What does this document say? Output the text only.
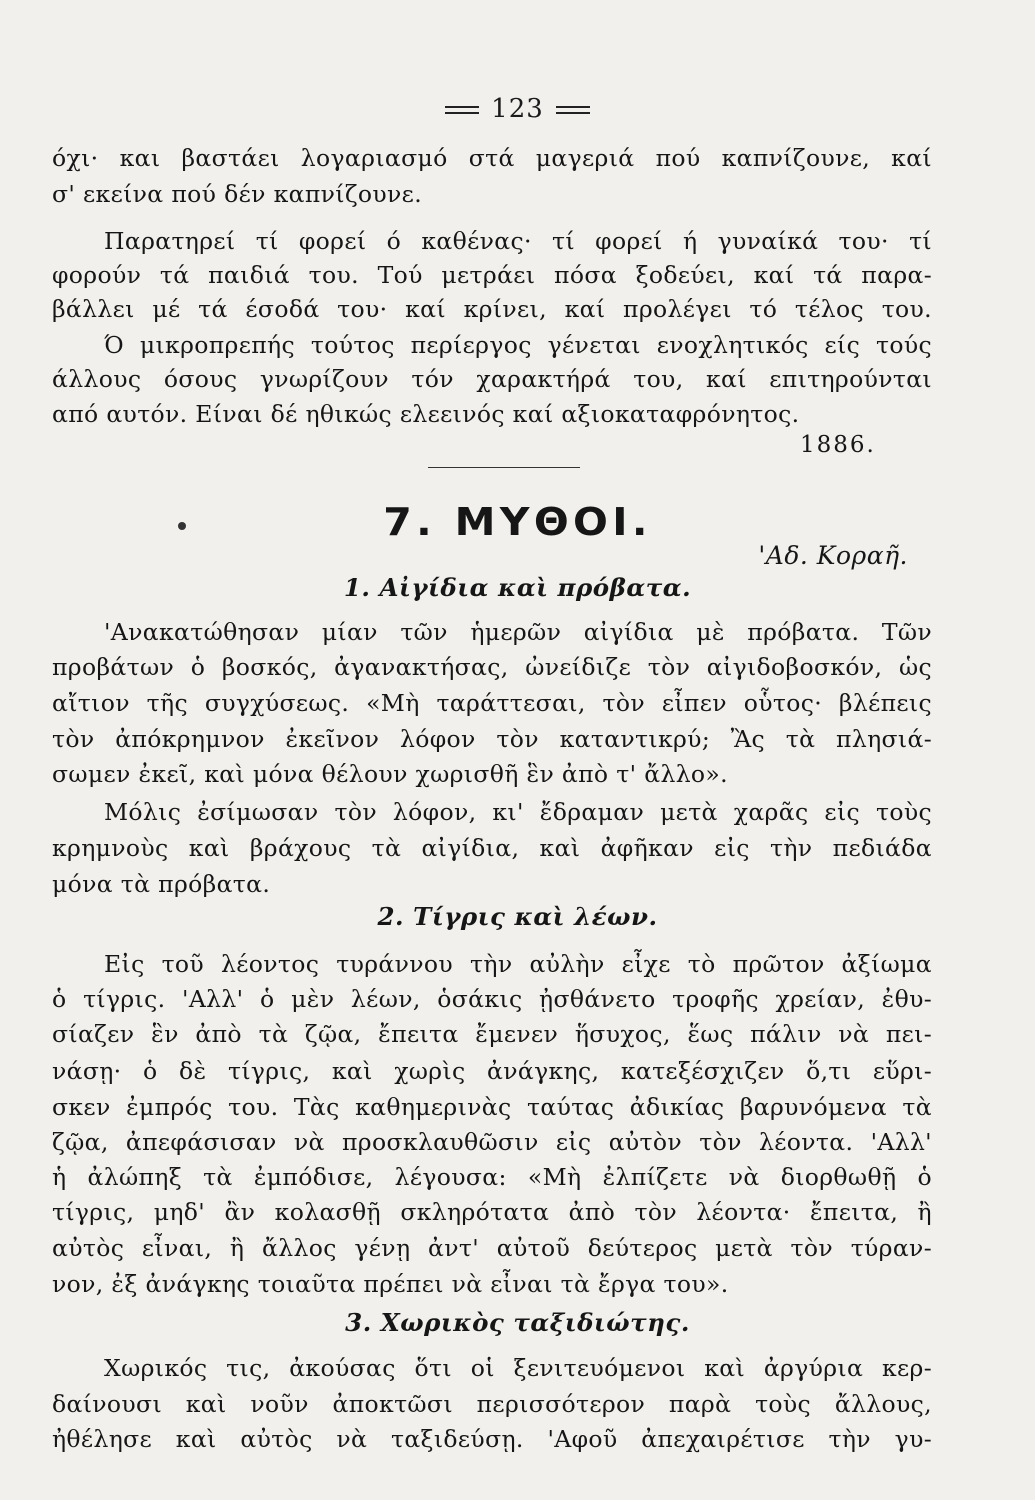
123
όχι· και βαστάει λογαριασμό στά μαγεριά πού καπνίζουνε, καί
σ' εκείνα πού δέν καπνίζουνε.
Παρατηρεί τί φορεί ό καθένας· τί φορεί ή γυναίκά του· τί
φορούν τά παιδιά του. Τού μετράει πόσα ξοδεύει, καί τά παρα-
βάλλει μέ τά έσοδά του· καί κρίνει, καί προλέγει τό τέλος του.
Ό μικροπρεπής τούτος περίεργος γένεται ενοχλητικός είς τούς
άλλους όσους γνωρίζουν τόν χαρακτήρά του, καί επιτηρούνται
από αυτόν. Είναι δέ ηθικώς ελεεινός καί αξιοκαταφρόνητος.
1886.
7. ΜΥΘΟΙ.
'Αδ. Κοραῆ.
1. Αἰγίδια καὶ πρόβατα.
'Ανακατώθησαν μίαν τῶν ἡμερῶν αἰγίδια μὲ πρόβατα. Τῶν
προβάτων ὁ βοσκός, ἀγανακτήσας, ὠνείδιζε τὸν αἰγιδοβοσκόν, ὡς
αἴτιον τῆς συγχύσεως. «Μὴ ταράττεσαι, τὸν εἶπεν οὗτος· βλέπεις
τὸν ἀπόκρημνον ἐκεῖνον λόφον τὸν καταντικρύ; Ἂς τὰ πλησιά-
σωμεν ἐκεῖ, καὶ μόνα θέλουν χωρισθῆ ἓν ἀπὸ τ' ἄλλο».
Μόλις ἐσίμωσαν τὸν λόφον, κι' ἔδραμαν μετὰ χαρᾶς εἰς τοὺς
κρημνοὺς καὶ βράχους τὰ αἰγίδια, καὶ ἀφῆκαν εἰς τὴν πεδιάδα
μόνα τὰ πρόβατα.
2. Τίγρις καὶ λέων.
Εἰς τοῦ λέοντος τυράννου τὴν αὐλὴν εἶχε τὸ πρῶτον ἀξίωμα
ὁ τίγρις. 'Αλλ' ὁ μὲν λέων, ὁσάκις ᾐσθάνετο τροφῆς χρείαν, ἐθυ-
σίαζεν ἓν ἀπὸ τὰ ζῷα, ἔπειτα ἔμενεν ἥσυχος, ἕως πάλιν νὰ πει-
νάσῃ· ὁ δὲ τίγρις, καὶ χωρὶς ἀνάγκης, κατεξέσχιζεν ὅ,τι εὕρι-
σκεν ἐμπρός του. Τὰς καθημερινὰς ταύτας ἀδικίας βαρυνόμενα τὰ
ζῷα, ἀπεφάσισαν νὰ προσκλαυθῶσιν εἰς αὐτὸν τὸν λέοντα. 'Αλλ'
ἡ ἀλώπηξ τὰ ἐμπόδισε, λέγουσα: «Μὴ ἐλπίζετε νὰ διορθωθῇ ὁ
τίγρις, μηδ' ἂν κολασθῇ σκληρότατα ἀπὸ τὸν λέοντα· ἔπειτα, ἢ
αὐτὸς εἶναι, ἢ ἄλλος γένῃ ἀντ' αὐτοῦ δεύτερος μετὰ τὸν τύραν-
νον, ἐξ ἀνάγκης τοιαῦτα πρέπει νὰ εἶναι τὰ ἔργα του».
3. Χωρικὸς ταξιδιώτης.
Χωρικός τις, ἀκούσας ὅτι οἱ ξενιτευόμενοι καὶ ἀργύρια κερ-
δαίνουσι καὶ νοῦν ἀποκτῶσι περισσότερον παρὰ τοὺς ἄλλους,
ἠθέλησε καὶ αὐτὸς νὰ ταξιδεύσῃ. 'Αφοῦ ἀπεχαιρέτισε τὴν γυ-
